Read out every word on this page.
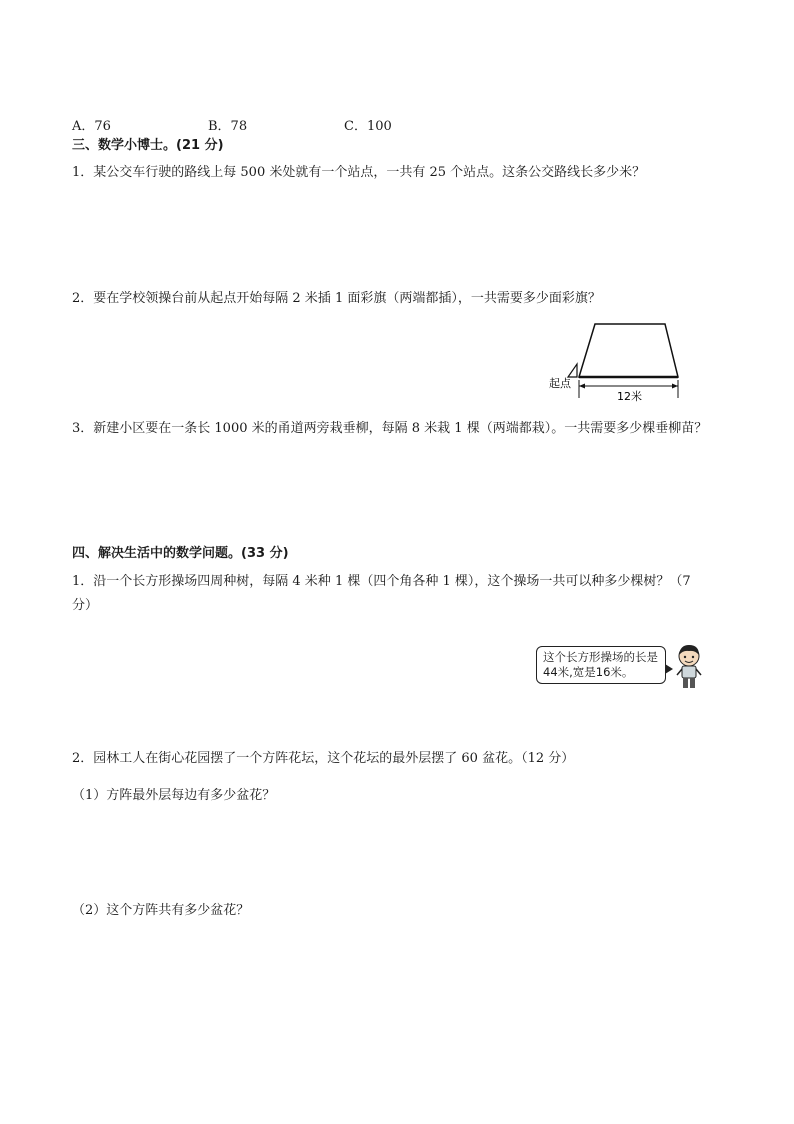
A．76	B．78	C．100
三、数学小博士。(21 分)
1．某公交车行驶的路线上每 500 米处就有一个站点，一共有 25 个站点。这条公交路线长多少米？
2．要在学校领操台前从起点开始每隔 2 米插 1 面彩旗（两端都插），一共需要多少面彩旗？
起点
12米
3．新建小区要在一条长 1000 米的甬道两旁栽垂柳，每隔 8 米栽 1 棵（两端都栽）。一共需要多少棵垂柳苗？
四、解决生活中的数学问题。(33 分)
1．沿一个长方形操场四周种树，每隔 4 米种 1 棵（四个角各种 1 棵），这个操场一共可以种多少棵树？（7
分）
这个长方形操场的长是44米,宽是16米。
2．园林工人在街心花园摆了一个方阵花坛，这个花坛的最外层摆了 60 盆花。（12 分）
（1）方阵最外层每边有多少盆花？
（2）这个方阵共有多少盆花？
